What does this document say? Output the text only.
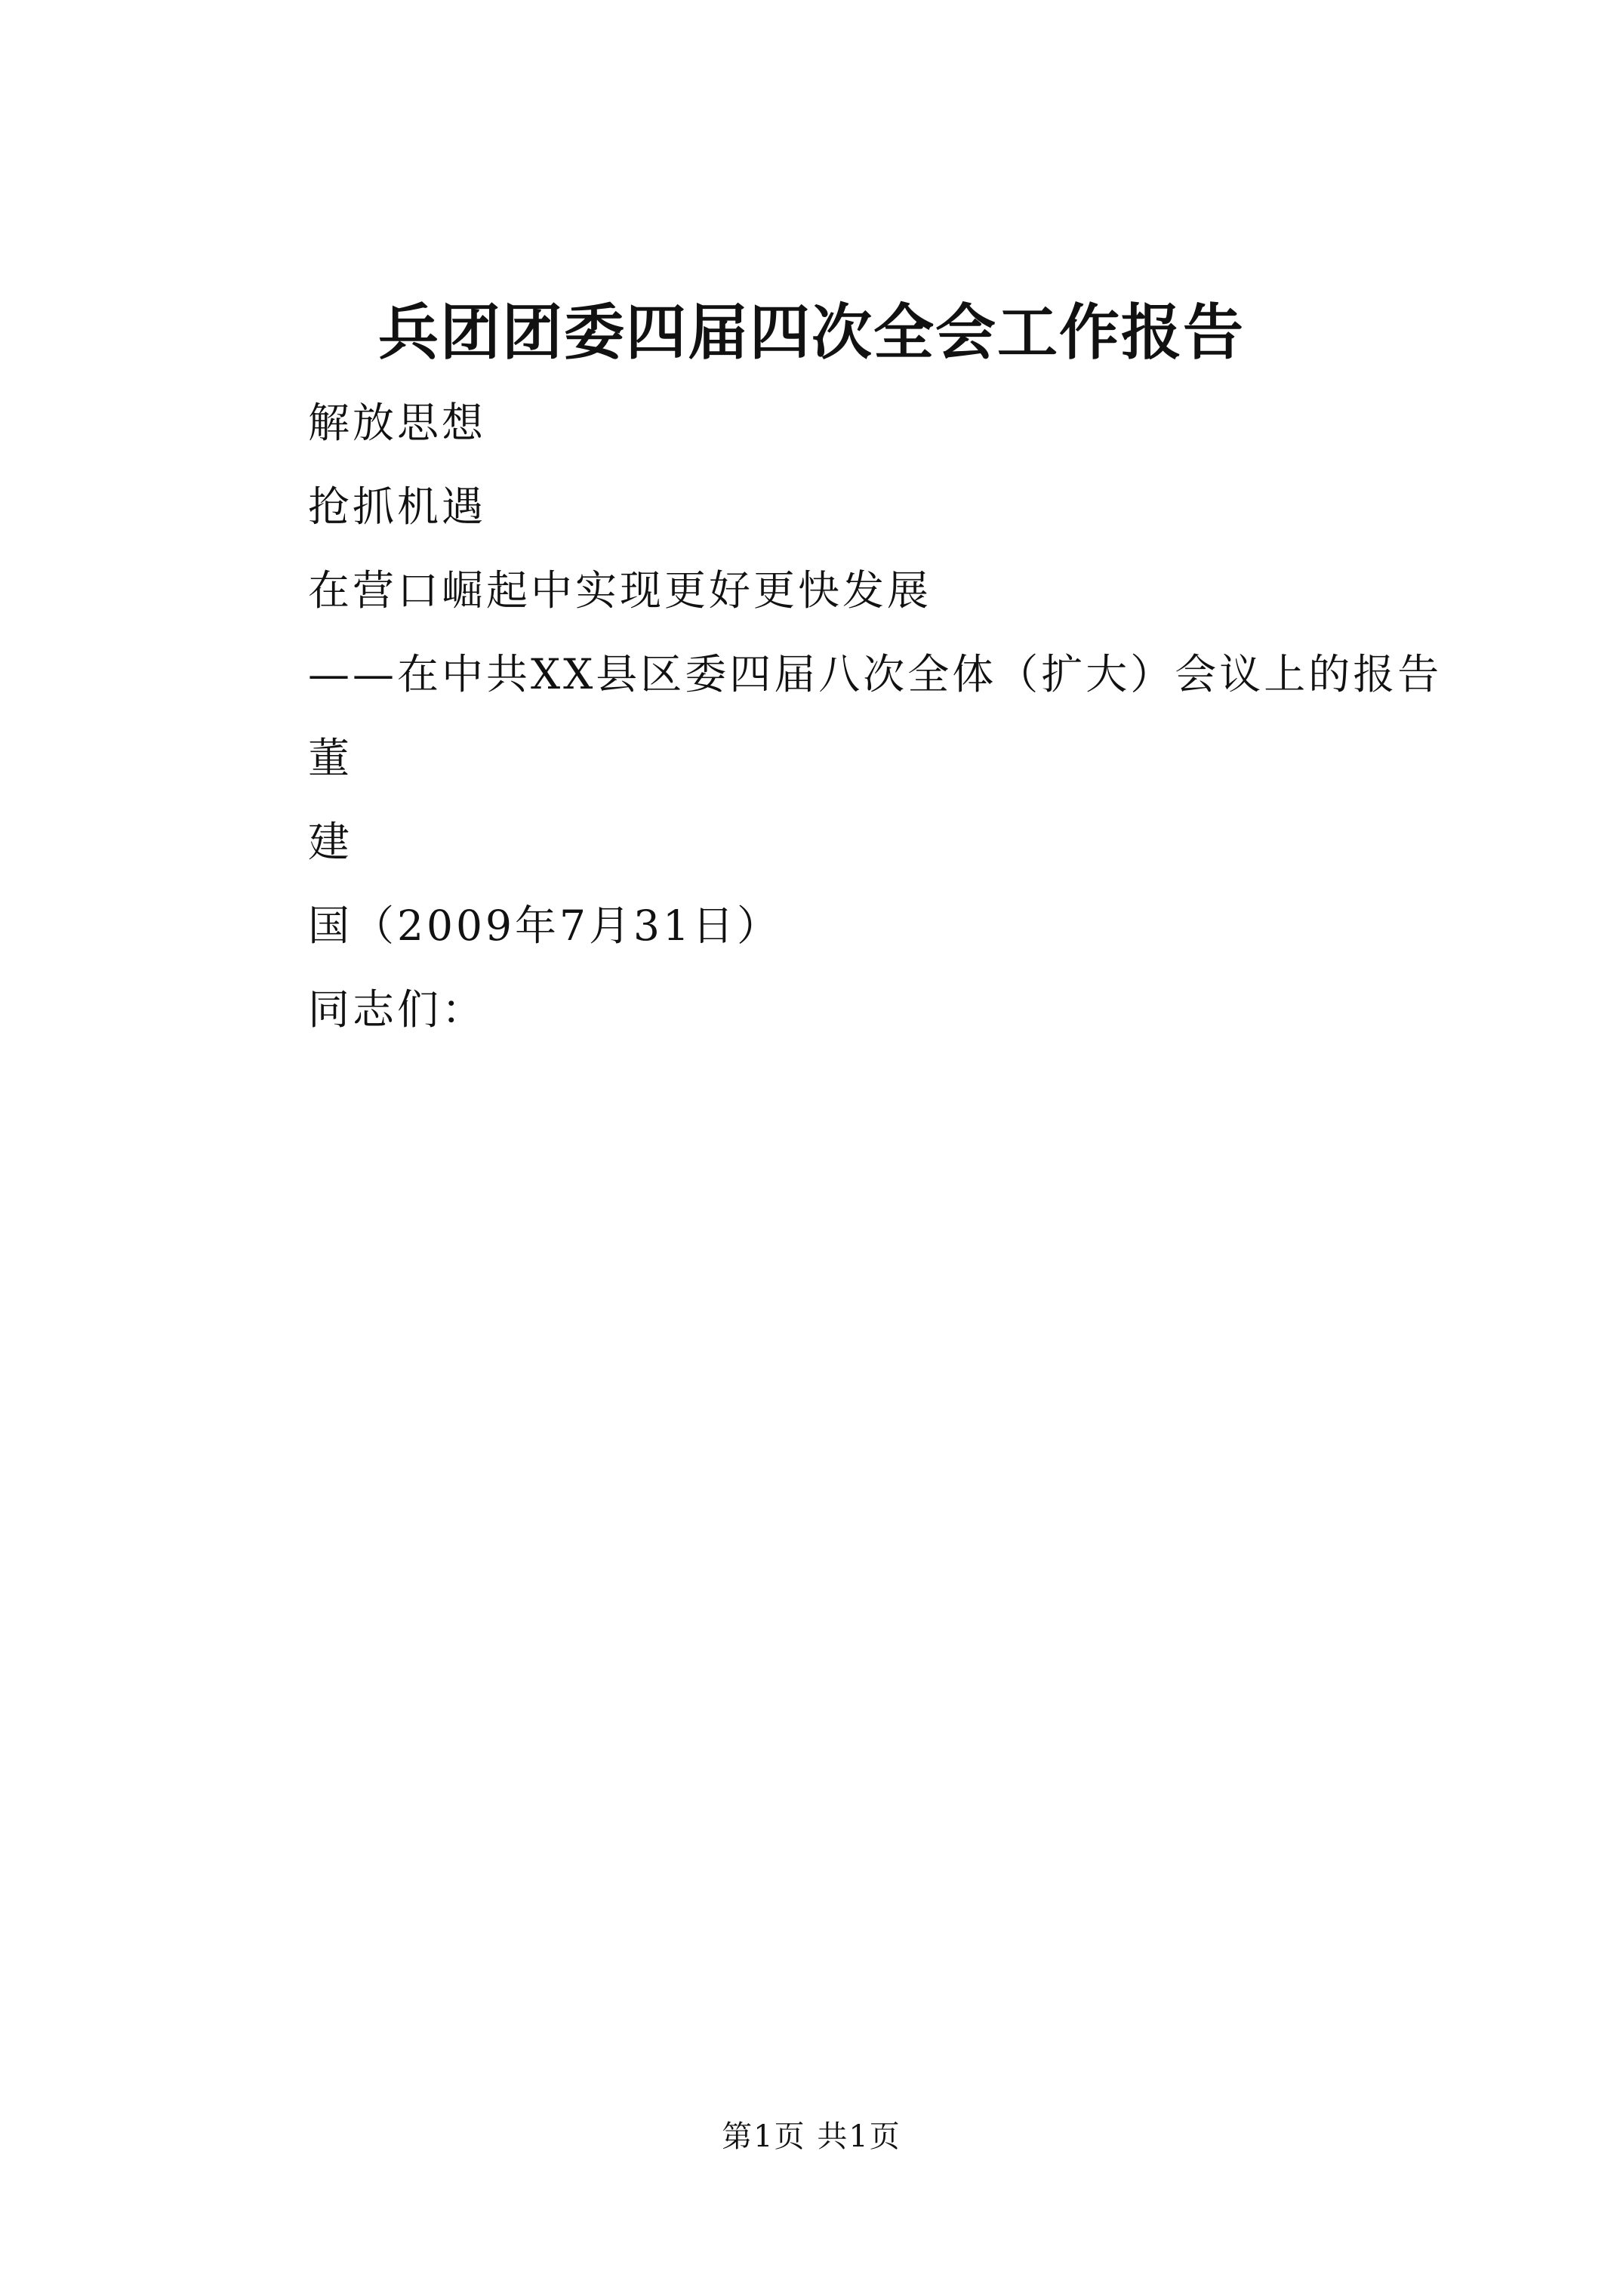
兵团团委四届四次全会工作报告
解放思想
抢抓机遇
在营口崛起中实现更好更快发展
——在中共XX县区委四届八次全体（扩大）会议上的报告
董
建
国（2009年7月31日）
同志们：
第1页 共1页
